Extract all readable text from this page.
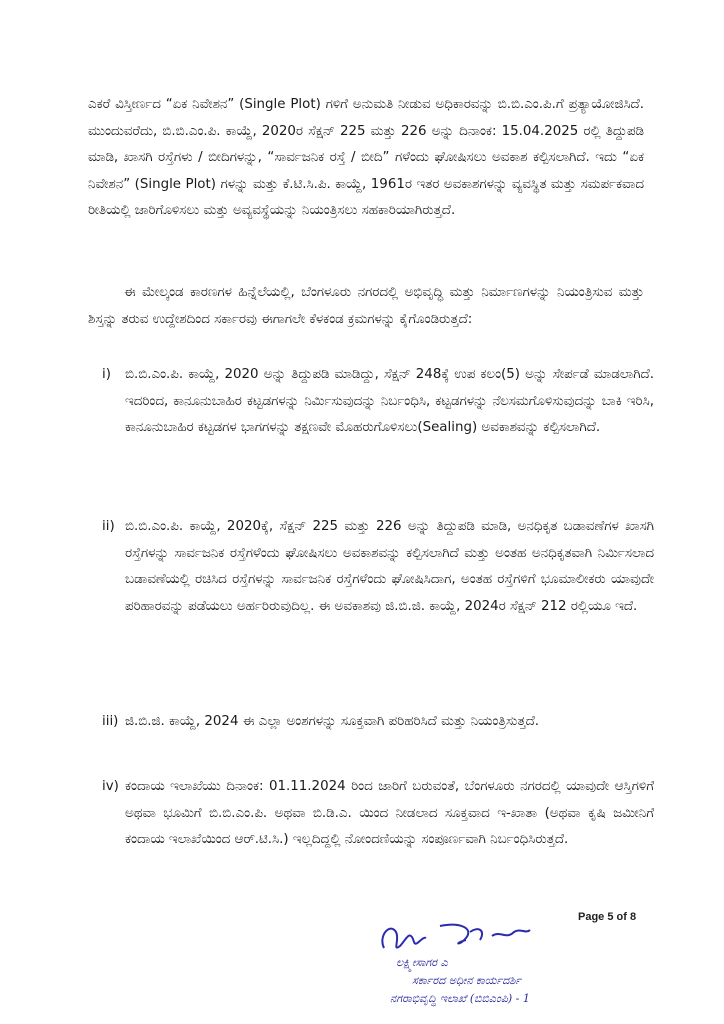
ಎಕರೆ ವಿಸ್ತೀರ್ಣದ “ಏಕ ನಿವೇಶನ” (Single Plot) ಗಳಿಗೆ ಅನುಮತಿ ನೀಡುವ ಅಧಿಕಾರವನ್ನು ಬಿ.ಬಿ.ಎಂ.ಪಿ.ಗೆ ಪ್ರತ್ಯಾಯೋಜಿಸಿದೆ. ಮುಂದುವರೆದು, ಬಿ.ಬಿ.ಎಂ.ಪಿ. ಕಾಯ್ದೆ, 2020ರ ಸೆಕ್ಷನ್ 225 ಮತ್ತು 226 ಅನ್ನು ದಿನಾಂಕ: 15.04.2025 ರಲ್ಲಿ ತಿದ್ದುಪಡಿ ಮಾಡಿ, ಖಾಸಗಿ ರಸ್ತೆಗಳು / ಬೀದಿಗಳನ್ನು, “ಸಾರ್ವಜನಿಕ ರಸ್ತೆ / ಬೀದಿ” ಗಳೆಂದು ಘೋಷಿಸಲು ಅವಕಾಶ ಕಲ್ಪಿಸಲಾಗಿದೆ. ಇದು “ಏಕ ನಿವೇಶನ” (Single Plot) ಗಳನ್ನು ಮತ್ತು ಕೆ.ಟಿ.ಸಿ.ಪಿ. ಕಾಯ್ದೆ, 1961ರ ಇತರ ಅವಕಾಶಗಳನ್ನು ವ್ಯವಸ್ಥಿತ ಮತ್ತು ಸಮರ್ಪಕವಾದ ರೀತಿಯಲ್ಲಿ ಜಾರಿಗೊಳಿಸಲು ಮತ್ತು ಅವ್ಯವಸ್ಥೆಯನ್ನು ನಿಯಂತ್ರಿಸಲು ಸಹಕಾರಿಯಾಗಿರುತ್ತದೆ.

ಈ ಮೇಲ್ಕಂಡ ಕಾರಣಗಳ ಹಿನ್ನೆಲೆಯಲ್ಲಿ, ಬೆಂಗಳೂರು ನಗರದಲ್ಲಿ ಅಭಿವೃದ್ಧಿ ಮತ್ತು ನಿರ್ಮಾಣಗಳನ್ನು ನಿಯಂತ್ರಿಸುವ ಮತ್ತು ಶಿಸ್ತನ್ನು ತರುವ ಉದ್ದೇಶದಿಂದ ಸರ್ಕಾರವು ಈಗಾಗಲೇ ಕೆಳಕಂಡ ಕ್ರಮಗಳನ್ನು ಕೈಗೊಂಡಿರುತ್ತದೆ:

i)	ಬಿ.ಬಿ.ಎಂ.ಪಿ. ಕಾಯ್ದೆ, 2020 ಅನ್ನು ತಿದ್ದುಪಡಿ ಮಾಡಿದ್ದು, ಸೆಕ್ಷನ್ 248ಕ್ಕೆ ಉಪ ಕಲಂ(5) ಅನ್ನು ಸೇರ್ಪಡೆ ಮಾಡಲಾಗಿದೆ. ಇದರಿಂದ, ಕಾನೂನುಬಾಹಿರ ಕಟ್ಟಡಗಳನ್ನು ನಿರ್ಮಿಸುವುದನ್ನು ನಿರ್ಬಂಧಿಸಿ, ಕಟ್ಟಡಗಳನ್ನು ನೆಲಸಮಗೊಳಿಸುವುದನ್ನು ಬಾಕಿ ಇರಿಸಿ, ಕಾನೂನುಬಾಹಿರ ಕಟ್ಟಡಗಳ ಭಾಗಗಳನ್ನು ತಕ್ಷಣವೇ ಮೊಹರುಗೊಳಿಸಲು(Sealing) ಅವಕಾಶವನ್ನು ಕಲ್ಪಿಸಲಾಗಿದೆ.
ii) ಬಿ.ಬಿ.ಎಂ.ಪಿ. ಕಾಯ್ದೆ, 2020ಕ್ಕೆ, ಸೆಕ್ಷನ್ 225 ಮತ್ತು 226 ಅನ್ನು ತಿದ್ದುಪಡಿ ಮಾಡಿ, ಅನಧಿಕೃತ ಬಡಾವಣೆಗಳ ಖಾಸಗಿ ರಸ್ತೆಗಳನ್ನು ಸಾರ್ವಜನಿಕ ರಸ್ತೆಗಳೆಂದು ಘೋಷಿಸಲು ಅವಕಾಶವನ್ನು ಕಲ್ಪಿಸಲಾಗಿದೆ ಮತ್ತು ಅಂತಹ ಅನಧಿಕೃತವಾಗಿ ನಿರ್ಮಿಸಲಾದ ಬಡಾವಣೆಯಲ್ಲಿ ರಚಿಸಿದ ರಸ್ತೆಗಳನ್ನು ಸಾರ್ವಜನಿಕ ರಸ್ತೆಗಳೆಂದು ಘೋಷಿಸಿದಾಗ, ಅಂತಹ ರಸ್ತೆಗಳಿಗೆ ಭೂಮಾಲೀಕರು ಯಾವುದೇ ಪರಿಹಾರವನ್ನು ಪಡೆಯಲು ಅರ್ಹರಿರುವುದಿಲ್ಲ. ಈ ಅವಕಾಶವು ಜಿ.ಬಿ.ಜಿ. ಕಾಯ್ದೆ, 2024ರ ಸೆಕ್ಷನ್ 212 ರಲ್ಲಿಯೂ ಇದೆ.
iii) ಜಿ.ಬಿ.ಜಿ. ಕಾಯ್ದೆ, 2024 ಈ ಎಲ್ಲಾ ಅಂಶಗಳನ್ನು ಸೂಕ್ತವಾಗಿ ಪರಿಹರಿಸಿದೆ ಮತ್ತು ನಿಯಂತ್ರಿಸುತ್ತದೆ.
iv) ಕಂದಾಯ ಇಲಾಖೆಯು ದಿನಾಂಕ: 01.11.2024 ರಿಂದ ಜಾರಿಗೆ ಬರುವಂತೆ, ಬೆಂಗಳೂರು ನಗರದಲ್ಲಿ ಯಾವುದೇ ಆಸ್ತಿಗಳಿಗೆ ಅಥವಾ ಭೂಮಿಗೆ ಬಿ.ಬಿ.ಎಂ.ಪಿ. ಅಥವಾ ಬಿ.ಡಿ.ಎ. ಯಿಂದ ನೀಡಲಾದ ಸೂಕ್ತವಾದ ಇ-ಖಾತಾ (ಅಥವಾ ಕೃಷಿ ಜಮೀನಿಗೆ ಕಂದಾಯ ಇಲಾಖೆಯಿಂದ ಆರ್.ಟಿ.ಸಿ.) ಇಲ್ಲದಿದ್ದಲ್ಲಿ ನೋಂದಣಿಯನ್ನು ಸಂಪೂರ್ಣವಾಗಿ ನಿರ್ಬಂಧಿಸಿರುತ್ತದೆ.
Page 5 of 8
ಲಕ್ಷ್ಮೀಸಾಗರ ಎ
ಸರ್ಕಾರದ ಅಧೀನ ಕಾರ್ಯದರ್ಶಿ
ನಗರಾಭಿವೃದ್ಧಿ ಇಲಾಖೆ (ಬಿಬಿಎಂಪಿ) - 1
